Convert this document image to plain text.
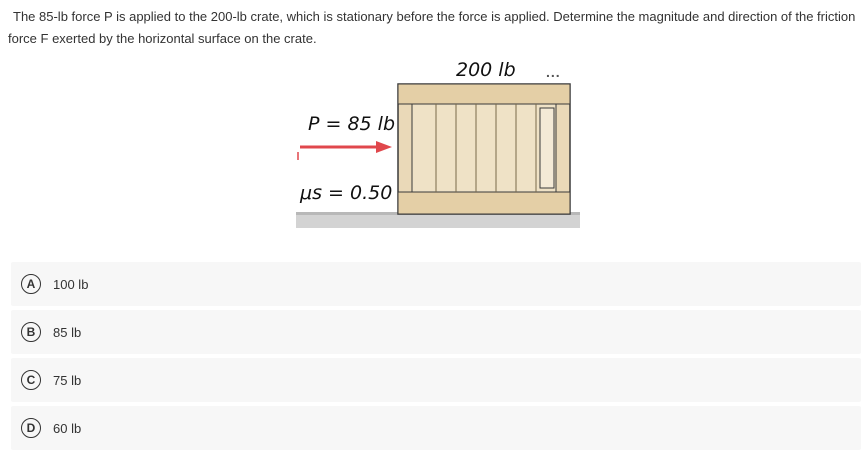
The 85-lb force P is applied to the 200-lb crate, which is stationary before the force is applied. Determine the magnitude and direction of the friction force F exerted by the horizontal surface on the crate.
200 lb
P = 85 lb
μs = 0.50
...
A	100 lb
B	85 lb
C	75 lb
D	60 lb
